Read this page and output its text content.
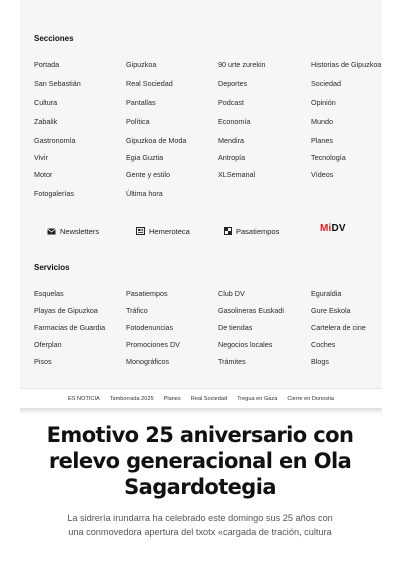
Secciones
Portada
San Sebastián
Cultura
Zabalik
Gastronomía
Vivir
Motor
Fotogalerías
Gipuzkoa
Real Sociedad
Pantallas
Política
Gipuzkoa de Moda
Egia Guztia
Gente y estilo
Última hora
90 urte zurekin
Deportes
Podcast
Economía
Mendira
Antropía
XLSemanal
Historias de Gipuzkoa
Sociedad
Opinión
Mundo
Planes
Tecnología
Vídeos
Newsletters	Hemeroteca	Pasatiempos	MiDV
Servicios
Esquelas
Playas de Gipuzkoa
Farmacias de Guardia
Oferplan
Pisos
Pasatiempos
Tráfico
Fotodenuncias
Promociones DV
Monográficos
Club DV
Gasolineras Euskadi
De tiendas
Negocios locales
Trámites
Eguraldia
Gure Eskola
Cartelera de cine
Coches
Blogs
ES NOTICIA Tamborrada 2025 Planes Real Sociedad Tregua en Gaza Cierre en Donostia
Emotivo 25 aniversario con relevo generacional en Ola Sagardotegia

La sidrería irundarra ha celebrado este domingo sus 25 años con
una conmovedora apertura del txotx «cargada de tración, cultura
